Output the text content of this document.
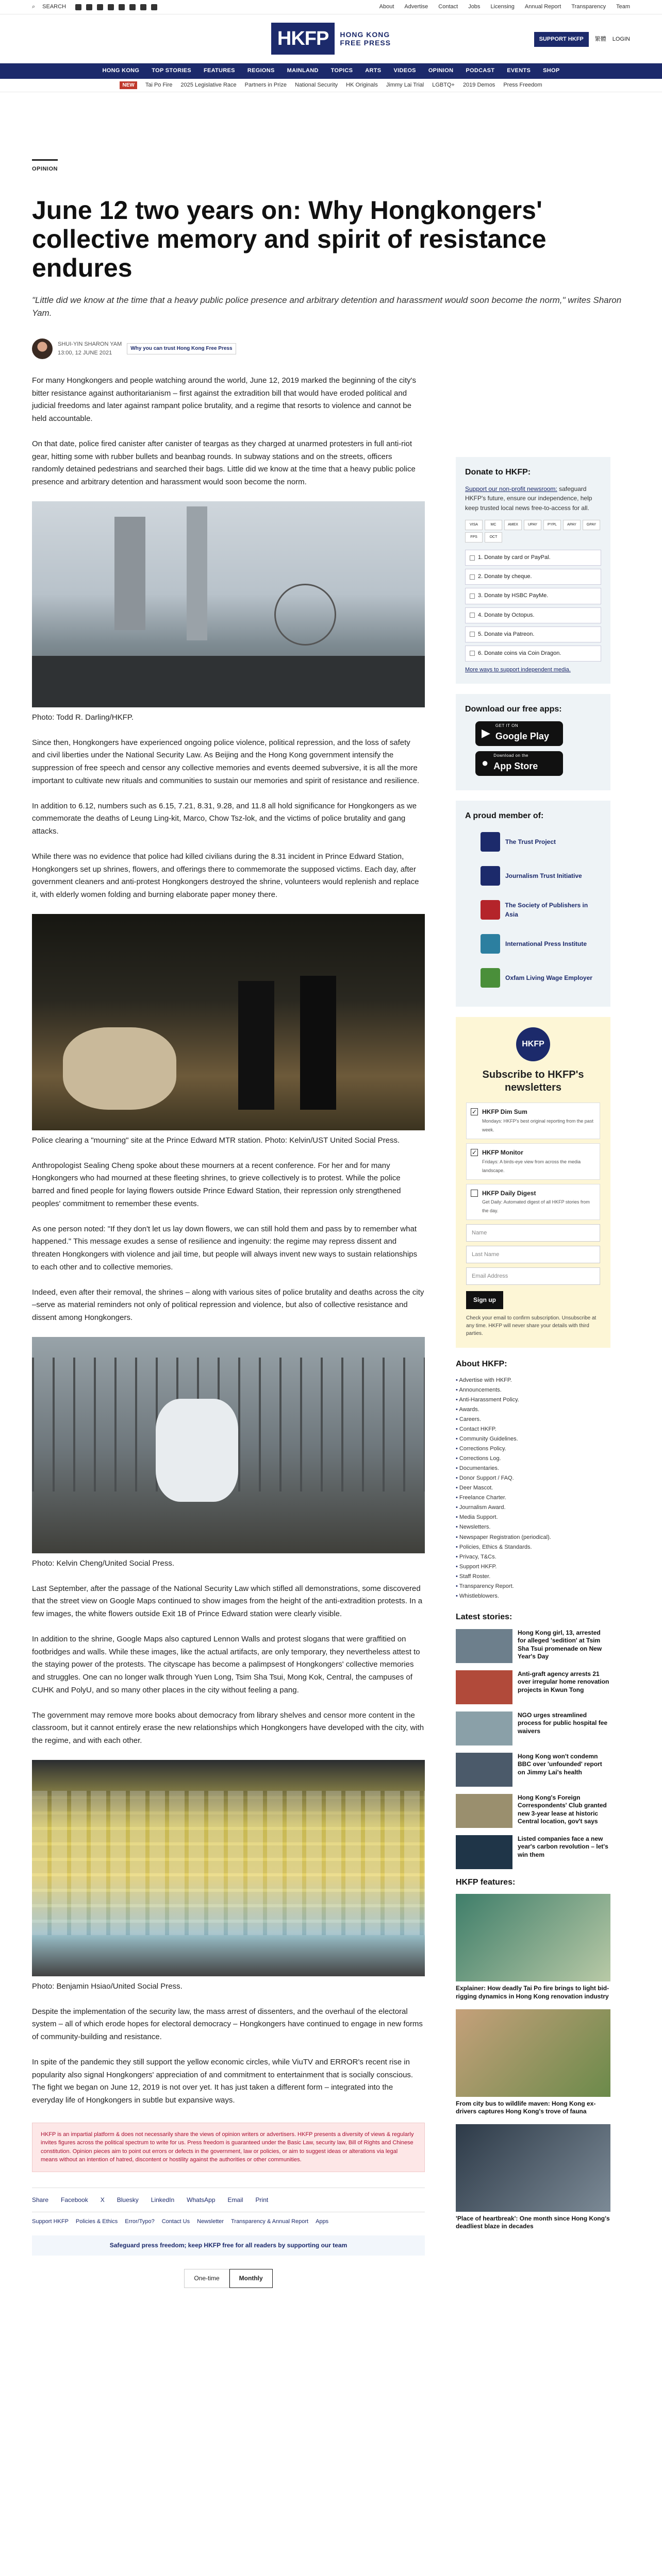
⌕ SEARCH	About Advertise Contact Jobs Licensing Annual Report Transparency Team
HKFP	HONG KONG
FREE PRESS	SUPPORT HKFP	繁體 LOGIN
HONG KONG TOP STORIES FEATURES REGIONS MAINLAND TOPICS ARTS VIDEOS OPINION PODCAST EVENTS SHOP
NEW	Tai Po Fire 2025 Legislative Race Partners in Prize National Security HK Originals Jimmy Lai Trial LGBTQ+ 2019 Demos Press Freedom
OPINION
June 12 two years on: Why Hongkongers' collective memory and spirit of resistance endures

"Little did we know at the time that a heavy public police presence and arbitrary detention and harassment would soon become the norm," writes Sharon Yam.

SHUI-YIN SHARON YAM
13:00, 12 JUNE 2021
Why you can trust Hong Kong Free Press

For many Hongkongers and people watching around the world, June 12, 2019 marked the beginning of the city's bitter resistance against authoritarianism – first against the extradition bill that would have eroded political and judicial freedoms and later against rampant police brutality, and a regime that resorts to violence and cannot be held accountable.

On that date, police fired canister after canister of teargas as they charged at unarmed protesters in full anti-riot gear, hitting some with rubber bullets and beanbag rounds. In subway stations and on the streets, officers randomly detained pedestrians and searched their bags. Little did we know at the time that a heavy public police presence and arbitrary detention and harassment would soon become the norm.

Photo: Todd R. Darling/HKFP.

Since then, Hongkongers have experienced ongoing police violence, political repression, and the loss of safety and civil liberties under the National Security Law. As Beijing and the Hong Kong government intensify the suppression of free speech and censor any collective memories and events deemed subversive, it is all the more important to cultivate new rituals and communities to sustain our memories and spirit of resistance and resilience.

In addition to 6.12, numbers such as 6.15, 7.21, 8.31, 9.28, and 11.8 all hold significance for Hongkongers as we commemorate the deaths of Leung Ling-kit, Marco, Chow Tsz-lok, and the victims of police brutality and gang attacks.

While there was no evidence that police had killed civilians during the 8.31 incident in Prince Edward Station, Hongkongers set up shrines, flowers, and offerings there to commemorate the supposed victims. Each day, after government cleaners and anti-protest Hongkongers destroyed the shrine, volunteers would replenish and replace it, with elderly women folding and burning elaborate paper money there.

Police clearing a "mourning" site at the Prince Edward MTR station. Photo: Kelvin/UST United Social Press.

Anthropologist Sealing Cheng spoke about these mourners at a recent conference. For her and for many Hongkongers who had mourned at these fleeting shrines, to grieve collectively is to protest. While the police barred and fined people for laying flowers outside Prince Edward Station, their repression only strengthened peoples' commitment to remember these events.

As one person noted: "If they don't let us lay down flowers, we can still hold them and pass by to remember what happened." This message exudes a sense of resilience and ingenuity: the regime may repress dissent and threaten Hongkongers with violence and jail time, but people will always invent new ways to sustain relationships to each other and to collective memories.

Indeed, even after their removal, the shrines – along with various sites of police brutality and deaths across the city –serve as material reminders not only of political repression and violence, but also of collective resistance and dissent among Hongkongers.

Photo: Kelvin Cheng/United Social Press.

Last September, after the passage of the National Security Law which stifled all demonstrations, some discovered that the street view on Google Maps continued to show images from the height of the anti-extradition protests. In a few images, the white flowers outside Exit 1B of Prince Edward station were clearly visible.

In addition to the shrine, Google Maps also captured Lennon Walls and protest slogans that were graffitied on footbridges and walls. While these images, like the actual artifacts, are only temporary, they nevertheless attest to the staying power of the protests. The cityscape has become a palimpsest of Hongkongers' collective memories and struggles. One can no longer walk through Yuen Long, Tsim Sha Tsui, Mong Kok, Central, the campuses of CUHK and PolyU, and so many other places in the city without feeling a pang.

The government may remove more books about democracy from library shelves and censor more content in the classroom, but it cannot entirely erase the new relationships which Hongkongers have developed with the city, with the regime, and with each other.

Photo: Benjamin Hsiao/United Social Press.

Despite the implementation of the security law, the mass arrest of dissenters, and the overhaul of the electoral system – all of which erode hopes for electoral democracy – Hongkongers have continued to engage in new forms of community-building and resistance.

In spite of the pandemic they still support the yellow economic circles, while ViuTV and ERROR's recent rise in popularity also signal Hongkongers' appreciation of and commitment to entertainment that is socially conscious. The fight we began on June 12, 2019 is not over yet. It has just taken a different form – integrated into the everyday life of Hongkongers in subtle but expansive ways.

HKFP is an impartial platform & does not necessarily share the views of opinion writers or advertisers. HKFP presents a diversity of views & regularly invites figures across the political spectrum to write for us. Press freedom is guaranteed under the Basic Law, security law, Bill of Rights and Chinese constitution. Opinion pieces aim to point out errors or defects in the government, law or policies, or aim to suggest ideas or alterations via legal means without an intention of hatred, discontent or hostility against the authorities or other communities.
Share Facebook X Bluesky LinkedIn WhatsApp Email Print
Support HKFP Policies & Ethics Error/Typo? Contact Us Newsletter Transparency & Annual Report Apps
Safeguard press freedom; keep HKFP free for all readers by supporting our team
One-time	Monthly
Donate to HKFP:

Support our non-profit newsroom: safeguard HKFP's future, ensure our independence, help keep trusted local news free-to-access for all.

VISA	MC	AMEX	UPAY	PYPL	APAY	GPAY
FPS	OCT
1. Donate by card or PayPal.
2. Donate by cheque.
3. Donate by HSBC PayMe.
4. Donate by Octopus.
5. Donate via Patreon.
6. Donate coins via Coin Dragon.
More ways to support independent media.
Download our free apps:
▶
GET IT ON
Google Play
●
Download on the
App Store
A proud member of:
The Trust Project
Journalism Trust Initiative
The Society of Publishers in Asia
International Press Institute
Oxfam Living Wage Employer
HKFP
Subscribe to HKFP's newsletters
✓
HKFP Dim Sum
Mondays: HKFP's best original reporting from the past week.
✓
HKFP Monitor
Fridays: A birds-eye view from across the media landscape.
HKFP Daily Digest
Get Daily: Automated digest of all HKFP stories from the day.
Name
Last Name
Email Address
Sign up

Check your email to confirm subscription. Unsubscribe at any time. HKFP will never share your details with third parties.

About HKFP:
• Advertise with HKFP.
• Announcements.
• Anti-Harassment Policy.
• Awards.
• Careers.
• Contact HKFP.
• Community Guidelines.
• Corrections Policy.
• Corrections Log.
• Documentaries.
• Donor Support / FAQ.
• Deer Mascot.
• Freelance Charter.
• Journalism Award.
• Media Support.
• Newsletters.
• Newspaper Registration (periodical).
• Policies, Ethics & Standards.
• Privacy, T&Cs.
• Support HKFP.
• Staff Roster.
• Transparency Report.
• Whistleblowers.
Latest stories:
Hong Kong girl, 13, arrested for alleged 'sedition' at Tsim Sha Tsui promenade on New Year's Day
Anti-graft agency arrests 21 over irregular home renovation projects in Kwun Tong
NGO urges streamlined process for public hospital fee waivers
Hong Kong won't condemn BBC over 'unfounded' report on Jimmy Lai's health
Hong Kong's Foreign Correspondents' Club granted new 3-year lease at historic Central location, gov't says
Listed companies face a new year's carbon revolution – let's win them
HKFP features:
Explainer: How deadly Tai Po fire brings to light bid-rigging dynamics in Hong Kong renovation industry
From city bus to wildlife maven: Hong Kong ex-drivers captures Hong Kong's trove of fauna
'Place of heartbreak': One month since Hong Kong's deadliest blaze in decades
